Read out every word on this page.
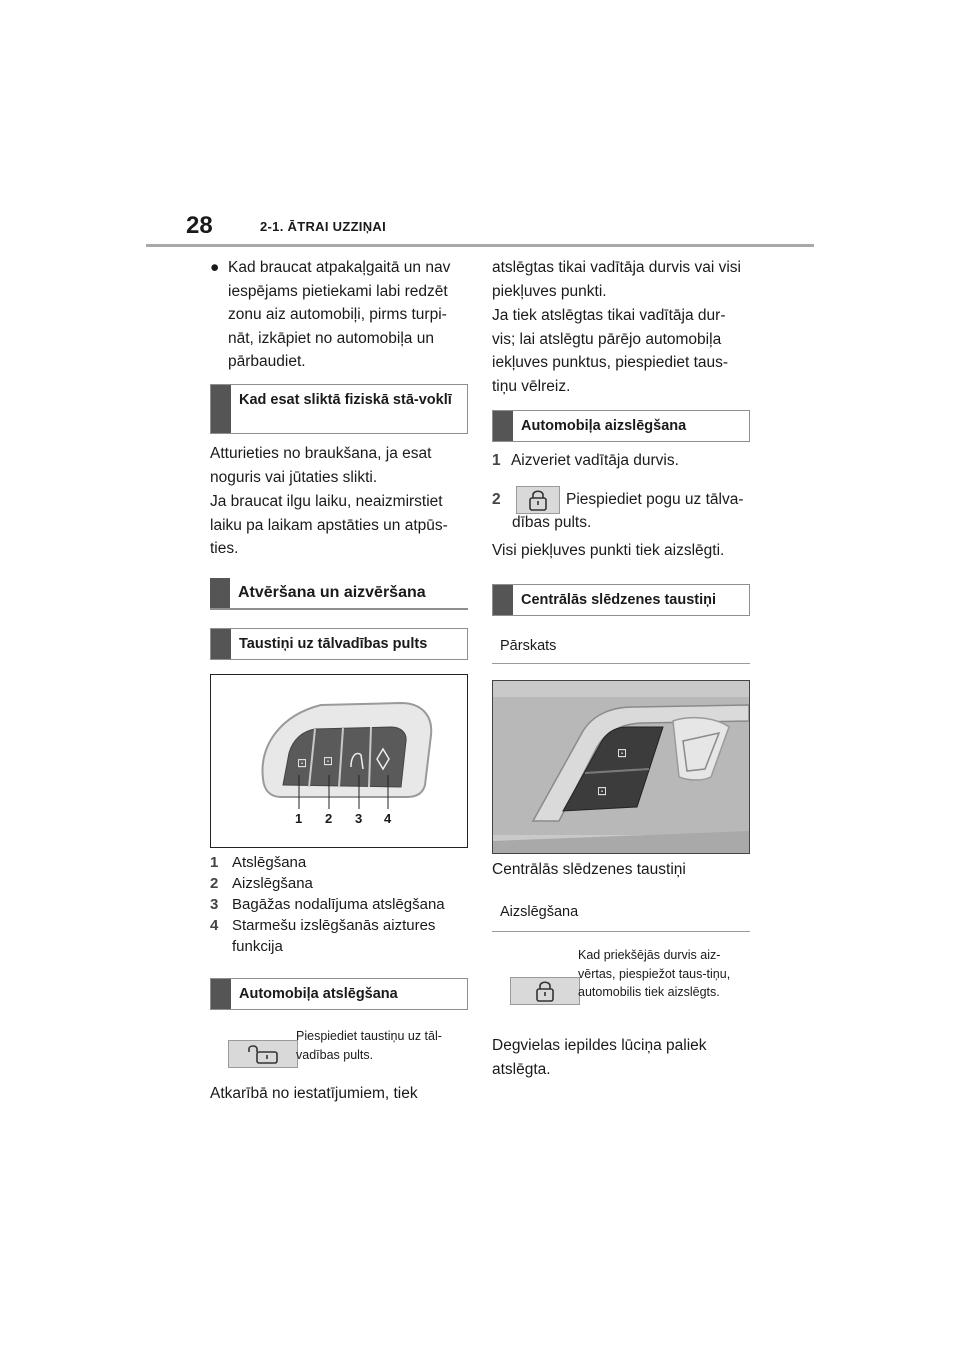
28	2-1. ĀTRAI UZZIŅAI
● Kad braucat atpakaļgaitā un nav iespējams pietiekami labi redzēt zonu aiz automobiļi, pirms turpi-nāt, izkāpiet no automobiļa un pārbaudiet.
Kad esat sliktā fiziskā stā-voklī
Atturieties no braukšana, ja esat noguris vai jūtaties slikti.
Ja braucat ilgu laiku, neaizmirstiet laiku pa laikam apstāties un atpūs-ties.
Atvēršana un aizvēršana
Taustiņi uz tālvadības pults
⊡ ⊡
1 2 3 4
1 Atslēgšana
2 Aizslēgšana
3 Bagāžas nodalījuma atslēgšana
4 Starmešu izslēgšanās aiztures funkcija
Automobiļa atslēgšana
Piespiediet taustiņu uz tāl-vadības pults.
Atkarībā no iestatījumiem, tiek
atslēgtas tikai vadītāja durvis vai visi piekļuves punkti.
Ja tiek atslēgtas tikai vadītāja dur-vis; lai atslēgtu pārējo automobiļa iekļuves punktus, piespiediet taus-tiņu vēlreiz.
Automobiļa aizslēgšana
1 Aizveriet vadītāja durvis.
2	Piespiediet pogu uz tālva-
dības pults.
Visi piekļuves punkti tiek aizslēgti.
Centrālās slēdzenes taustiņi
Pārskats
⊡
⊡
Centrālās slēdzenes taustiņi
Aizslēgšana
Kad priekšējās durvis aiz-vērtas, piespiežot taus-tiņu, automobilis tiek aizslēgts.
Degvielas iepildes lūciņa paliek atslēgta.
